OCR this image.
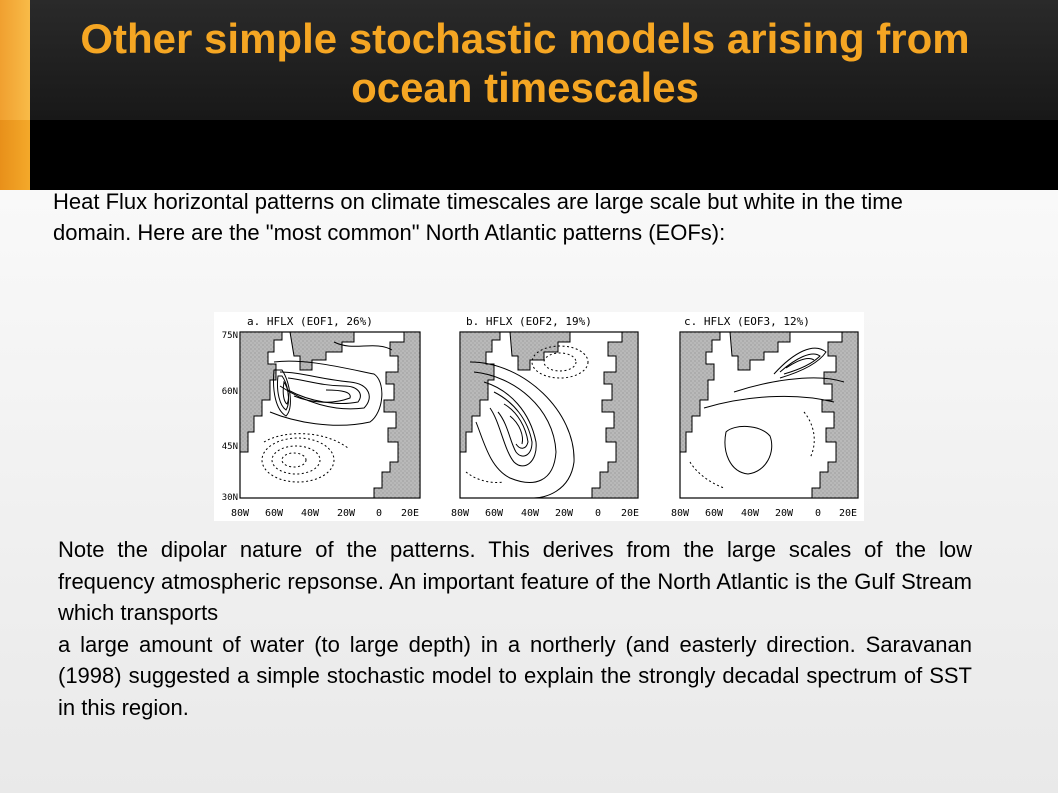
Other simple stochastic models arising from ocean timescales

Heat Flux horizontal patterns on climate timescales are large scale but white in the time domain. Here are the "most common" North Atlantic patterns (EOFs):

a. HFLX (EOF1, 26%)
75N
60N
45N
30N
80W 60W 40W 20W 0 20E
b. HFLX (EOF2, 19%)
80W 60W 40W 20W 0 20E
c. HFLX (EOF3, 12%)
80W 60W 40W 20W 0 20E
Note the dipolar nature of the patterns. This derives from the large scales of the low frequency atmospheric repsonse. An important feature of the North Atlantic is the Gulf Stream which transports
a large amount of water (to large depth) in a northerly (and easterly direction. Saravanan (1998) suggested a simple stochastic model to explain the strongly decadal spectrum of SST in this region.
